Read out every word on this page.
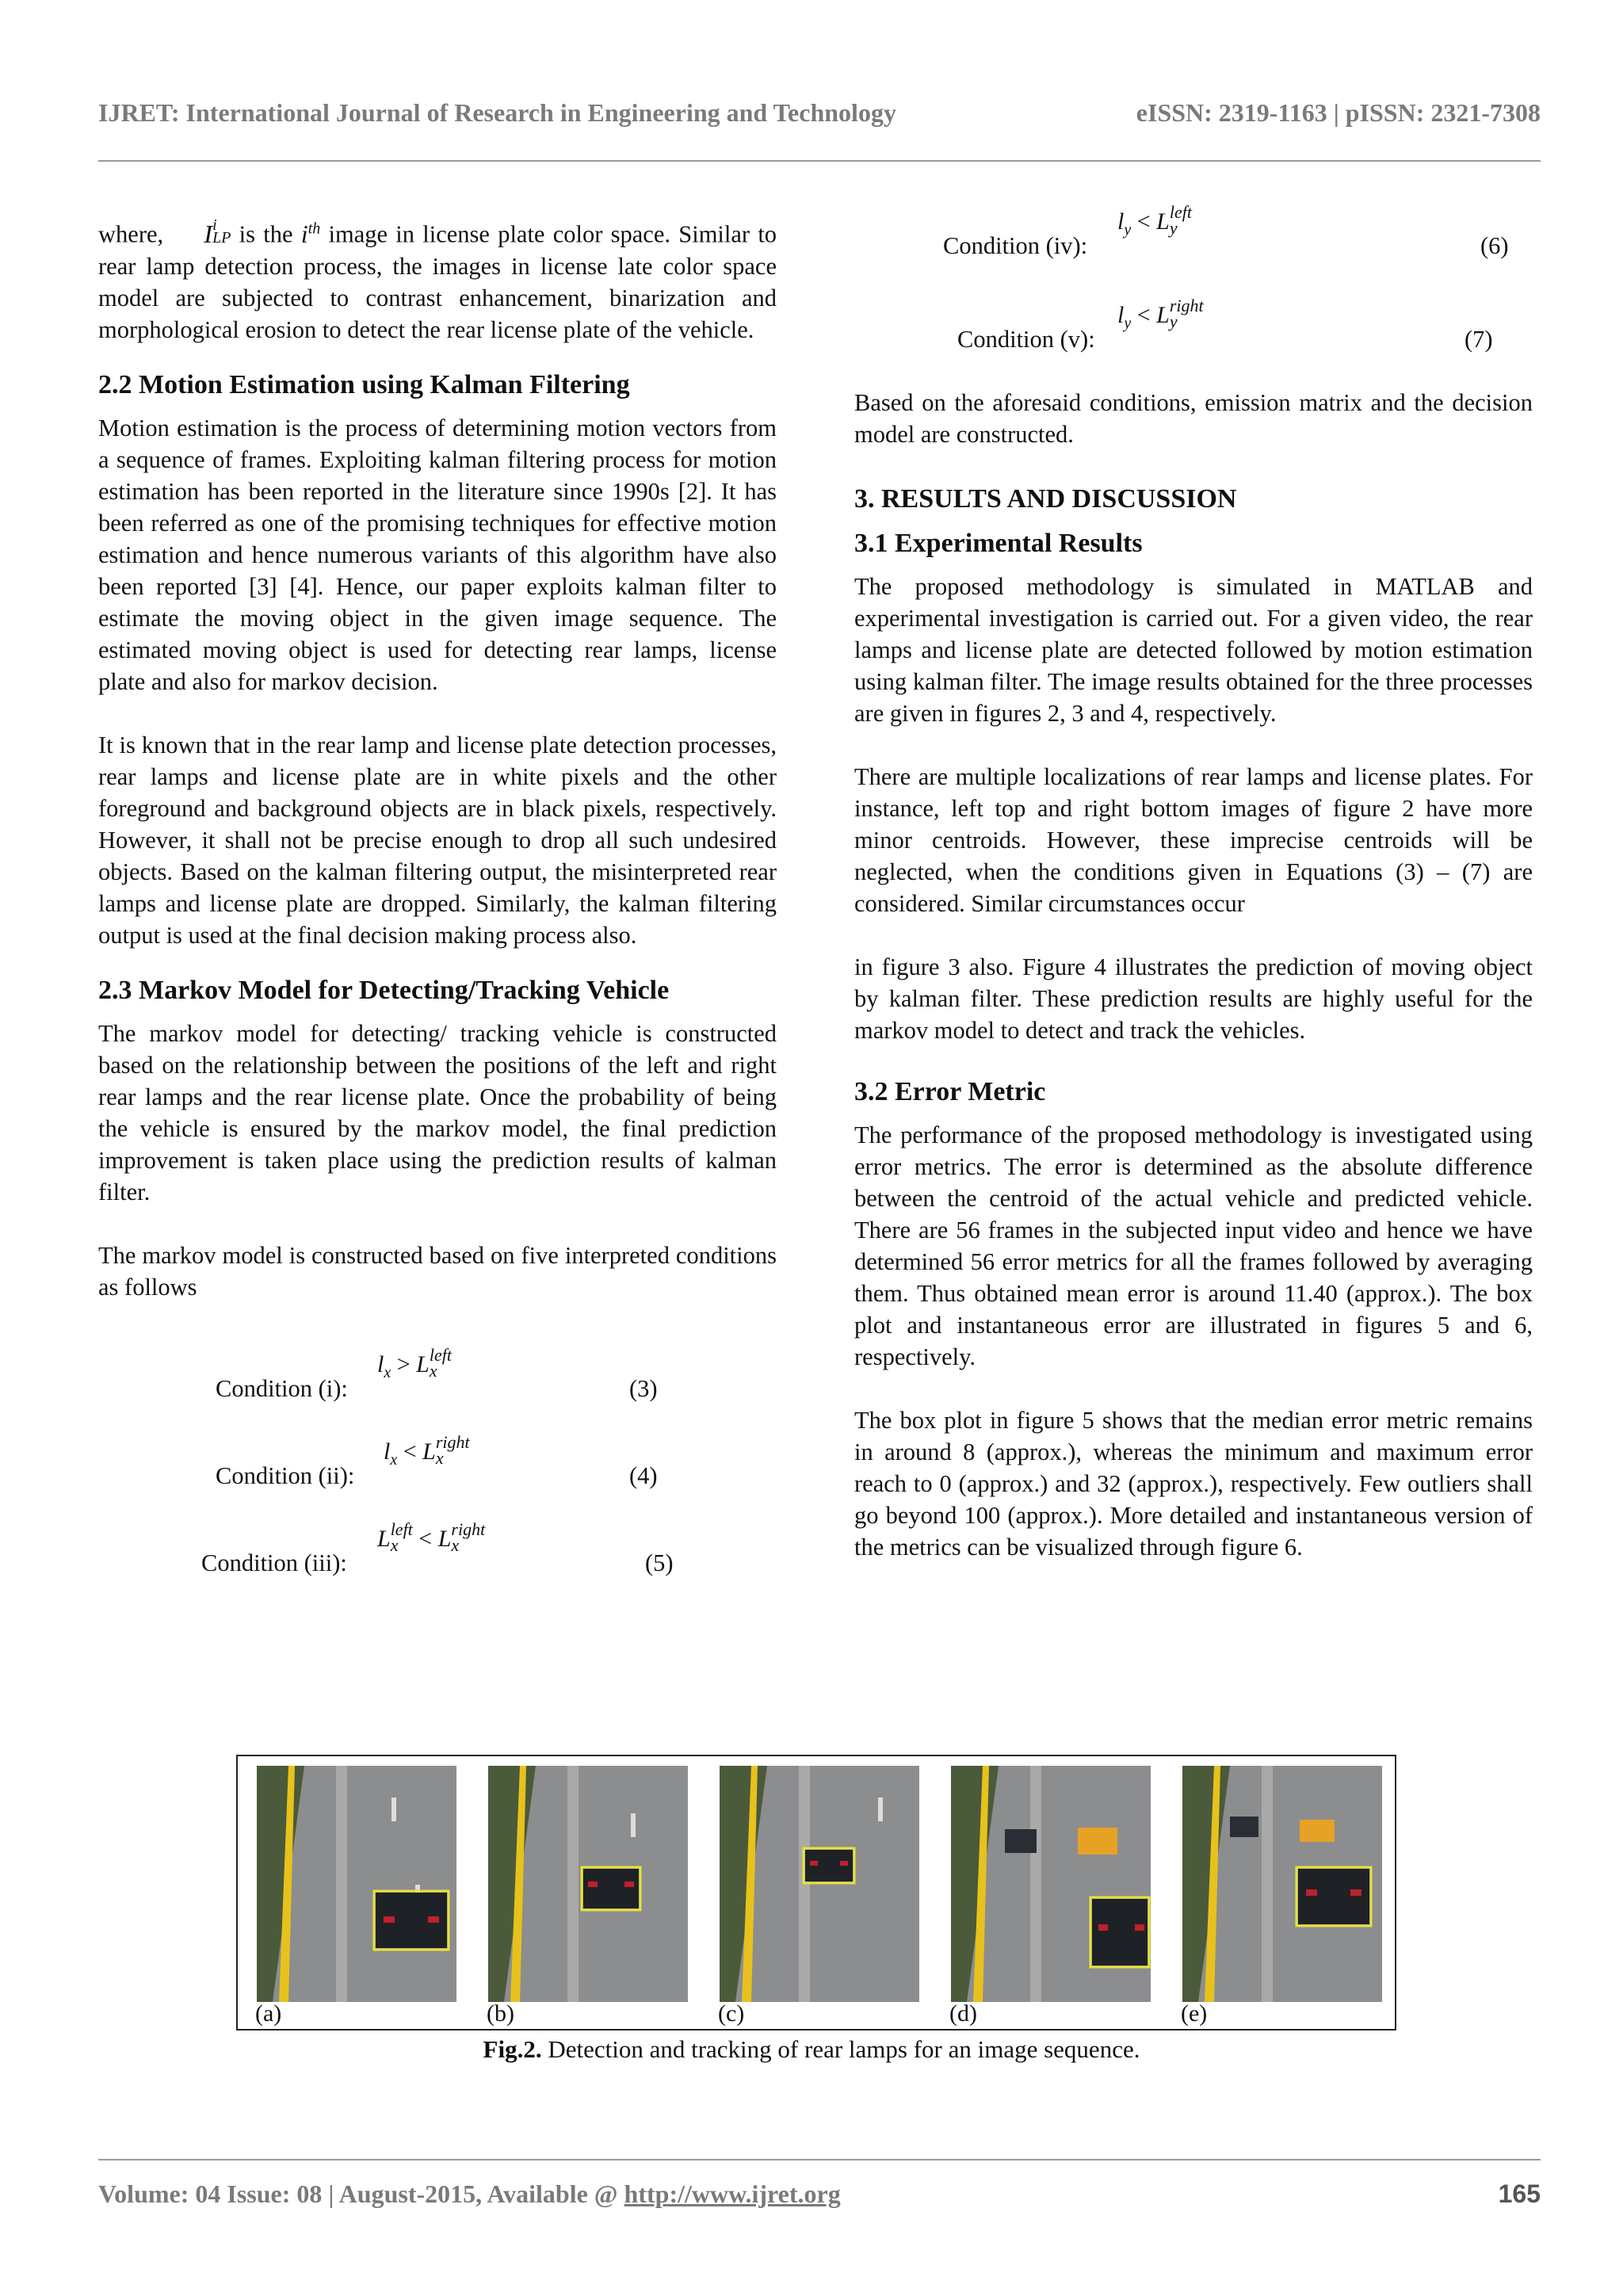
IJRET: International Journal of Research in Engineering and Technology	eISSN: 2319-1163 | pISSN: 2321-7308

where, I i
LP is the $i^{th}$ image in license plate color space. Similar to rear lamp detection process, the images in license late color space model are subjected to contrast enhancement, binarization and morphological erosion to detect the rear license plate of the vehicle.

2.2 Motion Estimation using Kalman Filtering

Motion estimation is the process of determining motion vectors from a sequence of frames. Exploiting kalman filtering process for motion estimation has been reported in the literature since 1990s [2]. It has been referred as one of the promising techniques for effective motion estimation and hence numerous variants of this algorithm have also been reported [3] [4]. Hence, our paper exploits kalman filter to estimate the moving object in the given image sequence. The estimated moving object is used for detecting rear lamps, license plate and also for markov decision.

It is known that in the rear lamp and license plate detection processes, rear lamps and license plate are in white pixels and the other foreground and background objects are in black pixels, respectively. However, it shall not be precise enough to drop all such undesired objects. Based on the kalman filtering output, the misinterpreted rear lamps and license plate are dropped. Similarly, the kalman filtering output is used at the final decision making process also.

2.3 Markov Model for Detecting/Tracking Vehicle

The markov model for detecting/ tracking vehicle is constructed based on the relationship between the positions of the left and right rear lamps and the rear license plate. Once the probability of being the vehicle is ensured by the markov model, the final prediction improvement is taken place using the prediction results of kalman filter.

The markov model is constructed based on five interpreted conditions as follows

Condition (i):
$l_x > L$ left
x
(3)
Condition (ii):
$l_x < L$ right
x
(4)
Condition (iii):
L left
x < L right
x
(5)
Condition (iv):
$l_y < L$ left
y
(6)
Condition (v):
$l_y < L$ right
y
(7)

Based on the aforesaid conditions, emission matrix and the decision model are constructed.

3. RESULTS AND DISCUSSION
3.1 Experimental Results

The proposed methodology is simulated in MATLAB and experimental investigation is carried out. For a given video, the rear lamps and license plate are detected followed by motion estimation using kalman filter. The image results obtained for the three processes are given in figures 2, 3 and 4, respectively.

There are multiple localizations of rear lamps and license plates. For instance, left top and right bottom images of figure 2 have more minor centroids. However, these imprecise centroids will be neglected, when the conditions given in Equations (3) – (7) are considered. Similar circumstances occur

in figure 3 also. Figure 4 illustrates the prediction of moving object by kalman filter. These prediction results are highly useful for the markov model to detect and track the vehicles.

3.2 Error Metric

The performance of the proposed methodology is investigated using error metrics. The error is determined as the absolute difference between the centroid of the actual vehicle and predicted vehicle. There are 56 frames in the subjected input video and hence we have determined 56 error metrics for all the frames followed by averaging them. Thus obtained mean error is around 11.40 (approx.). The box plot and instantaneous error are illustrated in figures 5 and 6, respectively.

The box plot in figure 5 shows that the median error metric remains in around 8 (approx.), whereas the minimum and maximum error reach to 0 (approx.) and 32 (approx.), respectively. Few outliers shall go beyond 100 (approx.). More detailed and instantaneous version of the metrics can be visualized through figure 6.

(a)	(b)	(c)	(d)	(e)
Fig.2. Detection and tracking of rear lamps for an image sequence.
Volume: 04 Issue: 08 | August-2015, Available @ http://www.ijret.org	165
